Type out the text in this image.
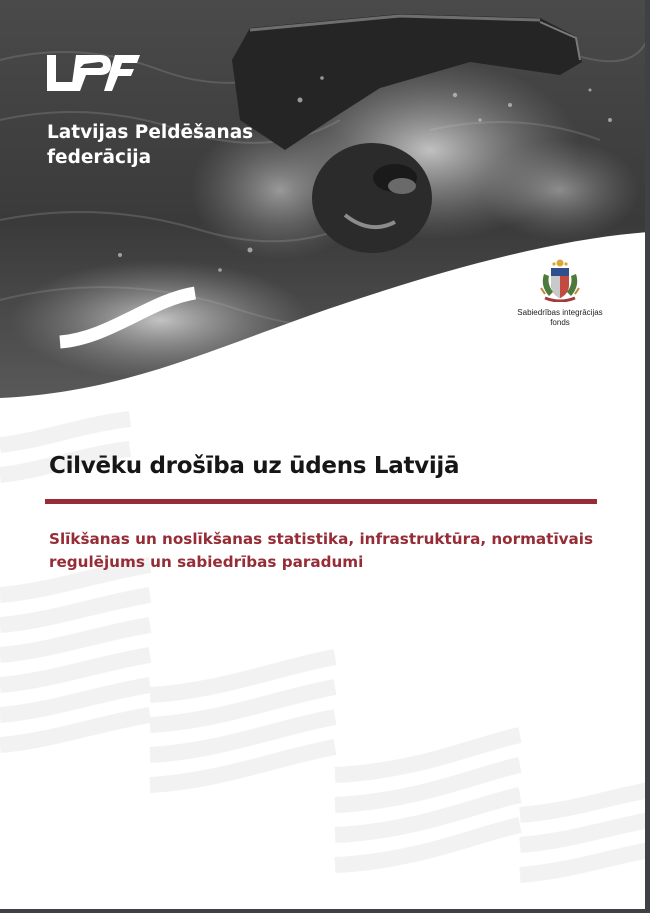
Latvijas Peldēšanas
federācija
Sabiedrības integrācijas
fonds
Cilvēku drošība uz ūdens Latvijā
Slīkšanas un noslīkšanas statistika, infrastruktūra, normatīvais
regulējums un sabiedrības paradumi
